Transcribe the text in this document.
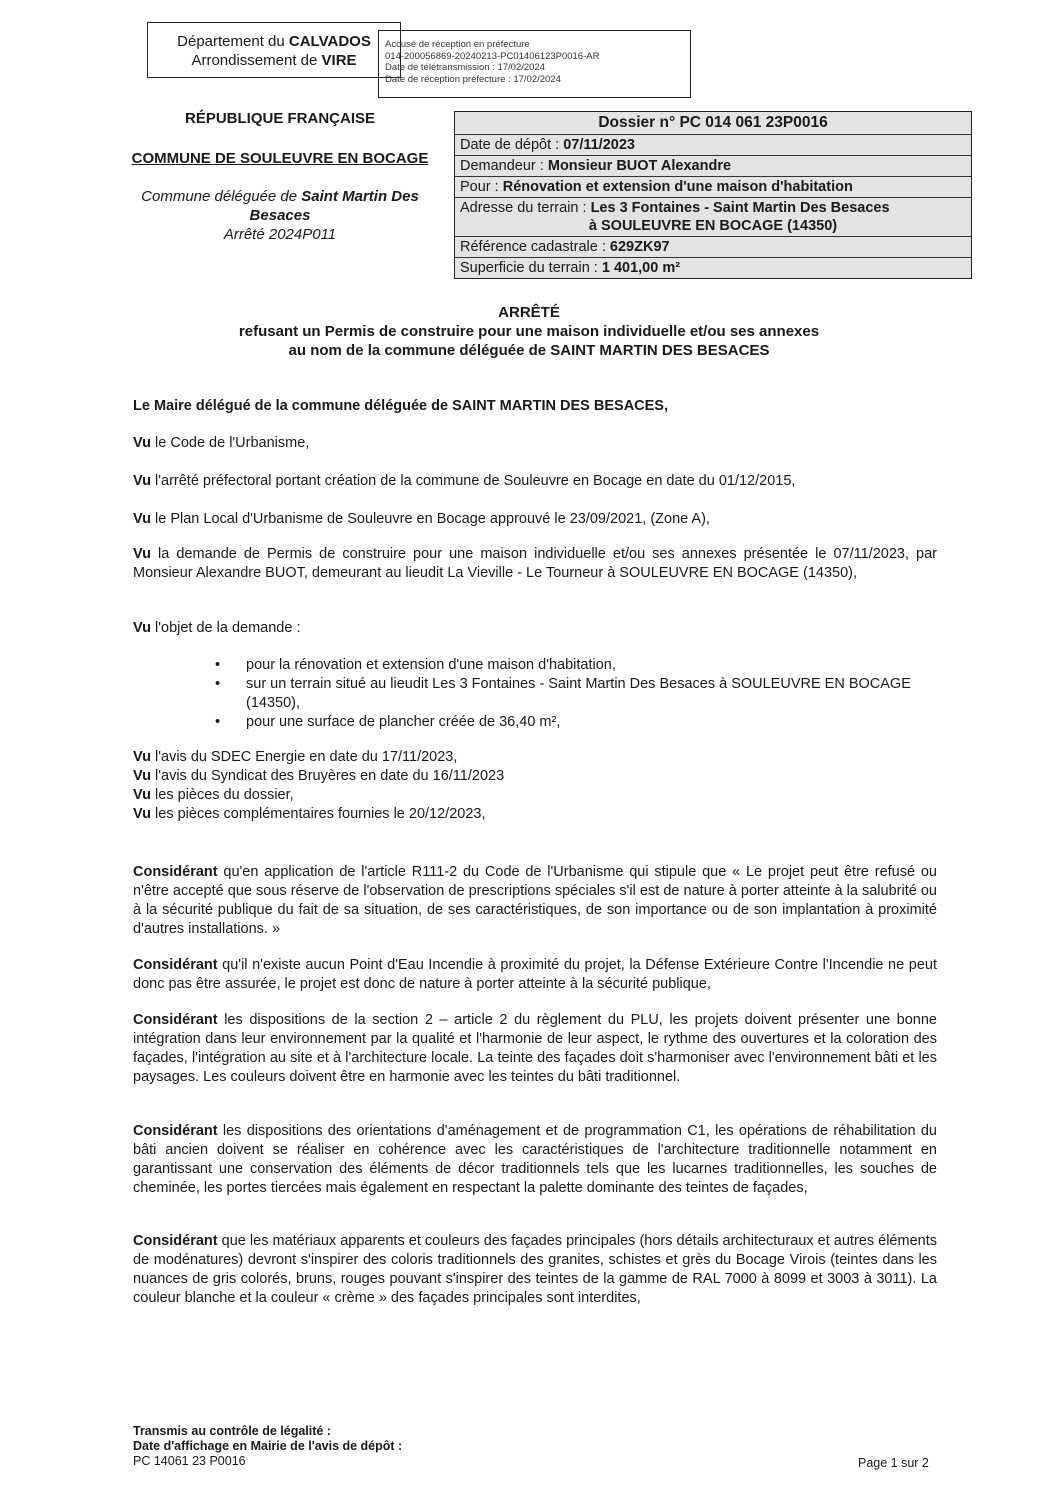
Département du CALVADOS
Arrondissement de VIRE
Accusé de réception en préfecture
014-200056869-20240213-PC01406123P0016-AR
Date de télétransmission : 17/02/2024
Date de réception préfecture : 17/02/2024
RÉPUBLIQUE FRANÇAISE
COMMUNE DE SOULEUVRE EN BOCAGE
Commune déléguée de Saint Martin Des Besaces
Arrêté 2024P011
Dossier n° PC 014 061 23P0016
Date de dépôt : 07/11/2023
Demandeur : Monsieur BUOT Alexandre
Pour : Rénovation et extension d'une maison d'habitation
Adresse du terrain : Les 3 Fontaines - Saint Martin Des Besaces
à SOULEUVRE EN BOCAGE (14350)
Référence cadastrale : 629ZK97
Superficie du terrain : 1 401,00 m²
ARRÊTÉ
refusant un Permis de construire pour une maison individuelle et/ou ses annexes
au nom de la commune déléguée de SAINT MARTIN DES BESACES
Le Maire délégué de la commune déléguée de SAINT MARTIN DES BESACES,

Vu le Code de l'Urbanisme,

Vu l'arrêté préfectoral portant création de la commune de Souleuvre en Bocage en date du 01/12/2015,

Vu le Plan Local d'Urbanisme de Souleuvre en Bocage approuvé le 23/09/2021, (Zone A),

Vu la demande de Permis de construire pour une maison individuelle et/ou ses annexes présentée le 07/11/2023, par Monsieur Alexandre BUOT, demeurant au lieudit La Vieville - Le Tourneur à SOULEUVRE EN BOCAGE (14350),

Vu l'objet de la demande :

• pour la rénovation et extension d'une maison d'habitation,
• sur un terrain situé au lieudit Les 3 Fontaines - Saint Martin Des Besaces à SOULEUVRE EN BOCAGE (14350),
• pour une surface de plancher créée de 36,40 m²,

Vu l'avis du SDEC Energie en date du 17/11/2023,

Vu l'avis du Syndicat des Bruyères en date du 16/11/2023

Vu les pièces du dossier,

Vu les pièces complémentaires fournies le 20/12/2023,

Considérant qu'en application de l'article R111-2 du Code de l'Urbanisme qui stipule que « Le projet peut être refusé ou n'être accepté que sous réserve de l'observation de prescriptions spéciales s'il est de nature à porter atteinte à la salubrité ou à la sécurité publique du fait de sa situation, de ses caractéristiques, de son importance ou de son implantation à proximité d'autres installations. »

Considérant qu'il n'existe aucun Point d'Eau Incendie à proximité du projet, la Défense Extérieure Contre l'Incendie ne peut donc pas être assurée, le projet est donc de nature à porter atteinte à la sécurité publique,

Considérant les dispositions de la section 2 – article 2 du règlement du PLU, les projets doivent présenter une bonne intégration dans leur environnement par la qualité et l'harmonie de leur aspect, le rythme des ouvertures et la coloration des façades, l'intégration au site et à l'architecture locale. La teinte des façades doit s'harmoniser avec l'environnement bâti et les paysages. Les couleurs doivent être en harmonie avec les teintes du bâti traditionnel.

Considérant les dispositions des orientations d'aménagement et de programmation C1, les opérations de réhabilitation du bâti ancien doivent se réaliser en cohérence avec les caractéristiques de l'architecture traditionnelle notamment en garantissant une conservation des éléments de décor traditionnels tels que les lucarnes traditionnelles, les souches de cheminée, les portes tiercées mais également en respectant la palette dominante des teintes de façades,

Considérant que les matériaux apparents et couleurs des façades principales (hors détails architecturaux et autres éléments de modénatures) devront s'inspirer des coloris traditionnels des granites, schistes et grès du Bocage Virois (teintes dans les nuances de gris colorés, bruns, rouges pouvant s'inspirer des teintes de la gamme de RAL 7000 à 8099 et 3003 à 3011). La couleur blanche et la couleur « crème » des façades principales sont interdites,

Transmis au contrôle de légalité :
Date d'affichage en Mairie de l'avis de dépôt :
PC 14061 23 P0016	Page 1 sur 2
